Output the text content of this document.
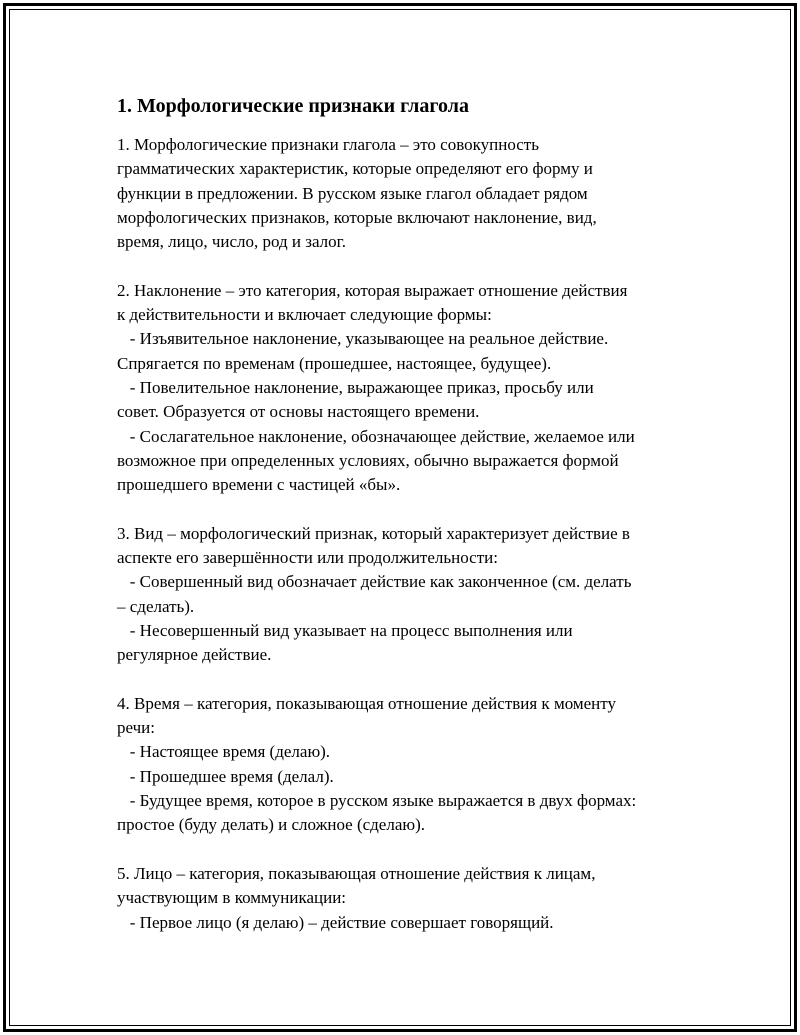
1. Морфологические признаки глагола
1. Морфологические признаки глагола – это совокупность
грамматических характеристик, которые определяют его форму и
функции в предложении. В русском языке глагол обладает рядом
морфологических признаков, которые включают наклонение, вид,
время, лицо, число, род и залог.
2. Наклонение – это категория, которая выражает отношение действия
к действительности и включает следующие формы:
- Изъявительное наклонение, указывающее на реальное действие.
Спрягается по временам (прошедшее, настоящее, будущее).
- Повелительное наклонение, выражающее приказ, просьбу или
совет. Образуется от основы настоящего времени.
- Сослагательное наклонение, обозначающее действие, желаемое или
возможное при определенных условиях, обычно выражается формой
прошедшего времени с частицей «бы».
3. Вид – морфологический признак, который характеризует действие в
аспекте его завершённости или продолжительности:
- Совершенный вид обозначает действие как законченное (см. делать
– сделать).
- Несовершенный вид указывает на процесс выполнения или
регулярное действие.
4. Время – категория, показывающая отношение действия к моменту
речи:
- Настоящее время (делаю).
- Прошедшее время (делал).
- Будущее время, которое в русском языке выражается в двух формах:
простое (буду делать) и сложное (сделаю).
5. Лицо – категория, показывающая отношение действия к лицам,
участвующим в коммуникации:
- Первое лицо (я делаю) – действие совершает говорящий.
